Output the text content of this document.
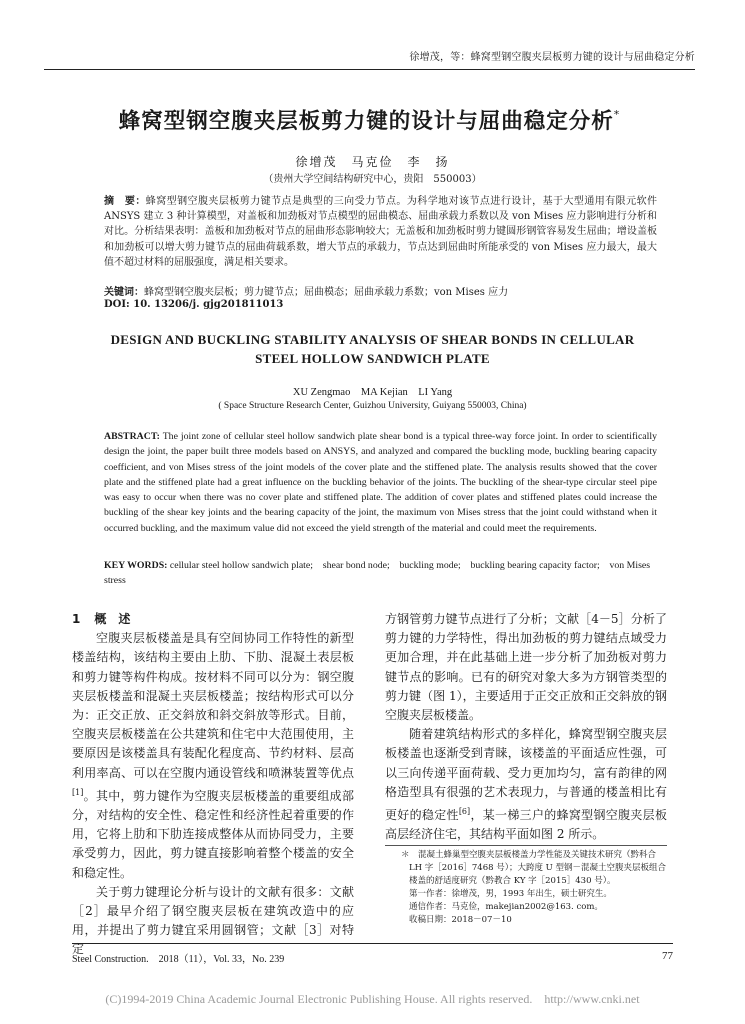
徐增茂，等：蜂窝型钢空腹夹层板剪力键的设计与屈曲稳定分析
蜂窝型钢空腹夹层板剪力键的设计与屈曲稳定分析*
徐增茂　马克俭　李　扬
（贵州大学空间结构研究中心，贵阳　550003）
摘　要：蜂窝型钢空腹夹层板剪力键节点是典型的三向受力节点。为科学地对该节点进行设计，基于大型通用有限元软件 ANSYS 建立 3 种计算模型，对盖板和加劲板对节点模型的屈曲模态、屈曲承载力系数以及 von Mises 应力影响进行分析和对比。分析结果表明：盖板和加劲板对节点的屈曲形态影响较大；无盖板和加劲板时剪力键圆形钢管容易发生屈曲；增设盖板和加劲板可以增大剪力键节点的屈曲荷载系数，增大节点的承载力，节点达到屈曲时所能承受的 von Mises 应力最大，最大值不超过材料的屈服强度，满足相关要求。
关键词：蜂窝型钢空腹夹层板；剪力键节点；屈曲模态；屈曲承载力系数；von Mises 应力
DOI: 10. 13206/j. gjg201811013
DESIGN AND BUCKLING STABILITY ANALYSIS OF SHEAR BONDS IN CELLULAR
STEEL HOLLOW SANDWICH PLATE
XU Zengmao　MA Kejian　LI Yang
( Space Structure Research Center, Guizhou University, Guiyang 550003, China)
ABSTRACT: The joint zone of cellular steel hollow sandwich plate shear bond is a typical three-way force joint. In order to scientifically design the joint, the paper built three models based on ANSYS, and analyzed and compared the buckling mode, buckling bearing capacity coefficient, and von Mises stress of the joint models of the cover plate and the stiffened plate. The analysis results showed that the cover plate and the stiffened plate had a great influence on the buckling behavior of the joints. The buckling of the shear-type circular steel pipe was easy to occur when there was no cover plate and stiffened plate. The addition of cover plates and stiffened plates could increase the buckling of the shear key joints and the bearing capacity of the joint, the maximum von Mises stress that the joint could withstand when it occurred buckling, and the maximum value did not exceed the yield strength of the material and could meet the requirements.
KEY WORDS: cellular steel hollow sandwich plate;　shear bond node;　buckling mode;　buckling bearing capacity factor;　von Mises stress
1 概　述

空腹夹层板楼盖是具有空间协同工作特性的新型楼盖结构，该结构主要由上肋、下肋、混凝土表层板和剪力键等构件构成。按材料不同可以分为：钢空腹夹层板楼盖和混凝土夹层板楼盖；按结构形式可以分为：正交正放、正交斜放和斜交斜放等形式。目前，空腹夹层板楼盖在公共建筑和住宅中大范围使用，主要原因是该楼盖具有装配化程度高、节约材料、层高利用率高、可以在空腹内通设管线和喷淋装置等优点[1]。其中，剪力键作为空腹夹层板楼盖的重要组成部分，对结构的安全性、稳定性和经济性起着重要的作用，它将上肋和下肋连接成整体从而协同受力，主要承受剪力，因此，剪力键直接影响着整个楼盖的安全和稳定性。

关于剪力键理论分析与设计的文献有很多：文献［2］最早介绍了钢空腹夹层板在建筑改造中的应用，并提出了剪力键宜采用圆钢管；文献［3］对特定

方钢管剪力键节点进行了分析；文献［4－5］分析了剪力键的力学特性，得出加劲板的剪力键结点域受力更加合理，并在此基础上进一步分析了加劲板对剪力键节点的影响。已有的研究对象大多为方钢管类型的剪力键（图 1），主要适用于正交正放和正交斜放的钢空腹夹层板楼盖。

随着建筑结构形式的多样化，蜂窝型钢空腹夹层板楼盖也逐渐受到青睐，该楼盖的平面适应性强，可以三向传递平面荷载、受力更加均匀，富有韵律的网格造型具有很强的艺术表现力，与普通的楼盖相比有更好的稳定性[6]，某一梯三户的蜂窝型钢空腹夹层板高层经济住宅，其结构平面如图 2 所示。

＊　混凝土蜂巢型空腹夹层板楼盖力学性能及关键技术研究（黔科合 LH 字［2016］7468 号）；大跨度 U 型钢－混凝土空腹夹层板组合楼盖的舒适度研究（黔教合 KY 字［2015］430 号）。
第一作者：徐增茂，男，1993 年出生，硕士研究生。
通信作者：马克俭，makejian2002@163. com。
收稿日期：2018－07－10
Steel Construction.　2018（11），Vol. 33，No. 239	77
(C)1994-2019 China Academic Journal Electronic Publishing House. All rights reserved.　http://www.cnki.net
